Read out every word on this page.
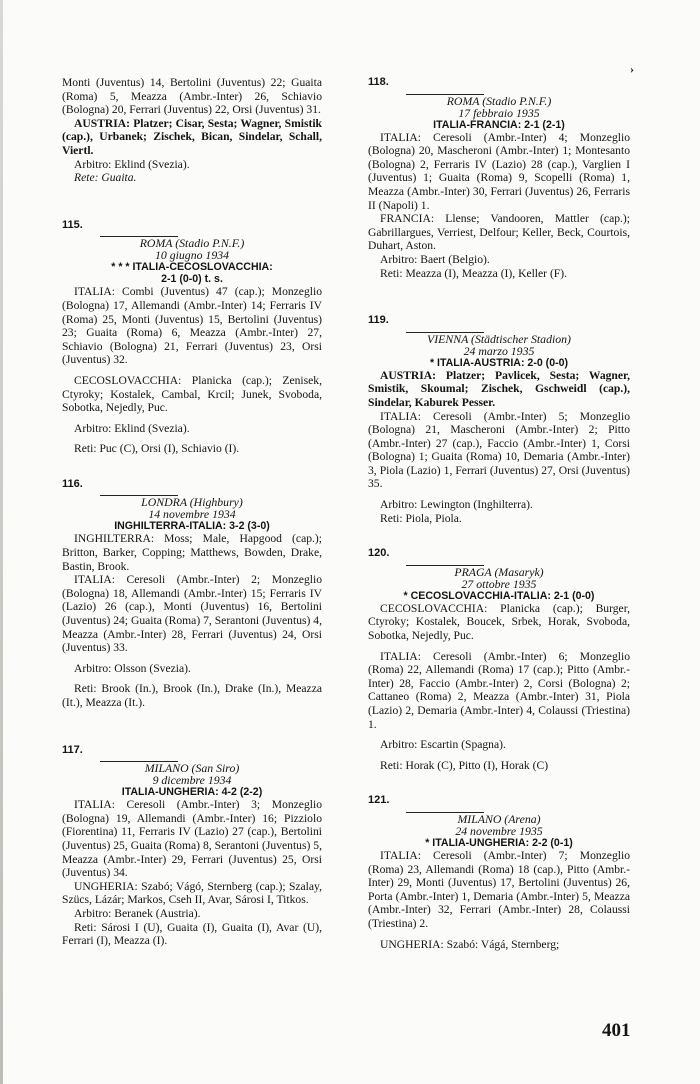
›

Monti (Juventus) 14, Bertolini (Juventus) 22; Guaita (Roma) 5, Meazza (Ambr.-Inter) 26, Schiavio (Bologna) 20, Ferrari (Juventus) 22, Orsi (Juventus) 31.

AUSTRIA: Platzer; Cisar, Sesta; Wagner, Smistik (cap.), Urbanek; Zischek, Bican, Sindelar, Schall, Viertl.

Arbitro: Eklind (Svezia).

Rete: Guaita.

115.

ROMA (Stadio P.N.F.)

10 giugno 1934

* * * ITALIA-CECOSLOVACCHIA:

2-1 (0-0) t. s.

ITALIA: Combi (Juventus) 47 (cap.); Monzeglio (Bologna) 17, Allemandi (Ambr.-Inter) 14; Ferraris IV (Roma) 25, Monti (Juventus) 15, Bertolini (Juventus) 23; Guaita (Roma) 6, Meazza (Ambr.-Inter) 27, Schiavio (Bologna) 21, Ferrari (Juventus) 23, Orsi (Juventus) 32.

CECOSLOVACCHIA: Planicka (cap.); Zenisek, Ctyroky; Kostalek, Cambal, Krcil; Junek, Svoboda, Sobotka, Nejedly, Puc.

Arbitro: Eklind (Svezia).

Reti: Puc (C), Orsi (I), Schiavio (I).

116.

LONDRA (Highbury)

14 novembre 1934

INGHILTERRA-ITALIA: 3-2 (3-0)

INGHILTERRA: Moss; Male, Hapgood (cap.); Britton, Barker, Copping; Matthews, Bowden, Drake, Bastin, Brook.

ITALIA: Ceresoli (Ambr.-Inter) 2; Monzeglio (Bologna) 18, Allemandi (Ambr.-Inter) 15; Ferraris IV (Lazio) 26 (cap.), Monti (Juventus) 16, Bertolini (Juventus) 24; Guaita (Roma) 7, Serantoni (Juventus) 4, Meazza (Ambr.-Inter) 28, Ferrari (Juventus) 24, Orsi (Juventus) 33.

Arbitro: Olsson (Svezia).

Reti: Brook (In.), Brook (In.), Drake (In.), Meazza (It.), Meazza (It.).

117.

MILANO (San Siro)

9 dicembre 1934

ITALIA-UNGHERIA: 4-2 (2-2)

ITALIA: Ceresoli (Ambr.-Inter) 3; Monzeglio (Bologna) 19, Allemandi (Ambr.-Inter) 16; Pizziolo (Fiorentina) 11, Ferraris IV (Lazio) 27 (cap.), Bertolini (Juventus) 25, Guaita (Roma) 8, Serantoni (Juventus) 5, Meazza (Ambr.-Inter) 29, Ferrari (Juventus) 25, Orsi (Juventus) 34.

UNGHERIA: Szabó; Vágó, Sternberg (cap.); Szalay, Szücs, Lázár; Markos, Cseh II, Avar, Sárosi I, Titkos.

Arbitro: Beranek (Austria).

Reti: Sárosi I (U), Guaita (I), Guaita (I), Avar (U), Ferrari (I), Meazza (I).

118.

ROMA (Stadio P.N.F.)

17 febbraio 1935

ITALIA-FRANCIA: 2-1 (2-1)

ITALIA: Ceresoli (Ambr.-Inter) 4; Monzeglio (Bologna) 20, Mascheroni (Ambr.-Inter) 1; Montesanto (Bologna) 2, Ferraris IV (Lazio) 28 (cap.), Varglien I (Juventus) 1; Guaita (Roma) 9, Scopelli (Roma) 1, Meazza (Ambr.-Inter) 30, Ferrari (Juventus) 26, Ferraris II (Napoli) 1.

FRANCIA: Llense; Vandooren, Mattler (cap.); Gabrillargues, Verriest, Delfour; Keller, Beck, Courtois, Duhart, Aston.

Arbitro: Baert (Belgio).

Reti: Meazza (I), Meazza (I), Keller (F).

119.

VIENNA (Städtischer Stadion)

24 marzo 1935

* ITALIA-AUSTRIA: 2-0 (0-0)

AUSTRIA: Platzer; Pavlicek, Sesta; Wagner, Smistik, Skoumal; Zischek, Gschweidl (cap.), Sindelar, Kaburek Pesser.

ITALIA: Ceresoli (Ambr.-Inter) 5; Monzeglio (Bologna) 21, Mascheroni (Ambr.-Inter) 2; Pitto (Ambr.-Inter) 27 (cap.), Faccio (Ambr.-Inter) 1, Corsi (Bologna) 1; Guaita (Roma) 10, Demaria (Ambr.-Inter) 3, Piola (Lazio) 1, Ferrari (Juventus) 27, Orsi (Juventus) 35.

Arbitro: Lewington (Inghilterra).

Reti: Piola, Piola.

120.

PRAGA (Masaryk)

27 ottobre 1935

* CECOSLOVACCHIA-ITALIA: 2-1 (0-0)

CECOSLOVACCHIA: Planicka (cap.); Burger, Ctyroky; Kostalek, Boucek, Srbek, Horak, Svoboda, Sobotka, Nejedly, Puc.

ITALIA: Ceresoli (Ambr.-Inter) 6; Monzeglio (Roma) 22, Allemandi (Roma) 17 (cap.); Pitto (Ambr.-Inter) 28, Faccio (Ambr.-Inter) 2, Corsi (Bologna) 2; Cattaneo (Roma) 2, Meazza (Ambr.-Inter) 31, Piola (Lazio) 2, Demaria (Ambr.-Inter) 4, Colaussi (Triestina) 1.

Arbitro: Escartin (Spagna).

Reti: Horak (C), Pitto (I), Horak (C)

121.

MILANO (Arena)

24 novembre 1935

* ITALIA-UNGHERIA: 2-2 (0-1)

ITALIA: Ceresoli (Ambr.-Inter) 7; Monzeglio (Roma) 23, Allemandi (Roma) 18 (cap.), Pitto (Ambr.-Inter) 29, Monti (Juventus) 17, Bertolini (Juventus) 26, Porta (Ambr.-Inter) 1, Demaria (Ambr.-Inter) 5, Meazza (Ambr.-Inter) 32, Ferrari (Ambr.-Inter) 28, Colaussi (Triestina) 2.

UNGHERIA: Szabó: Vágá, Sternberg;

401
